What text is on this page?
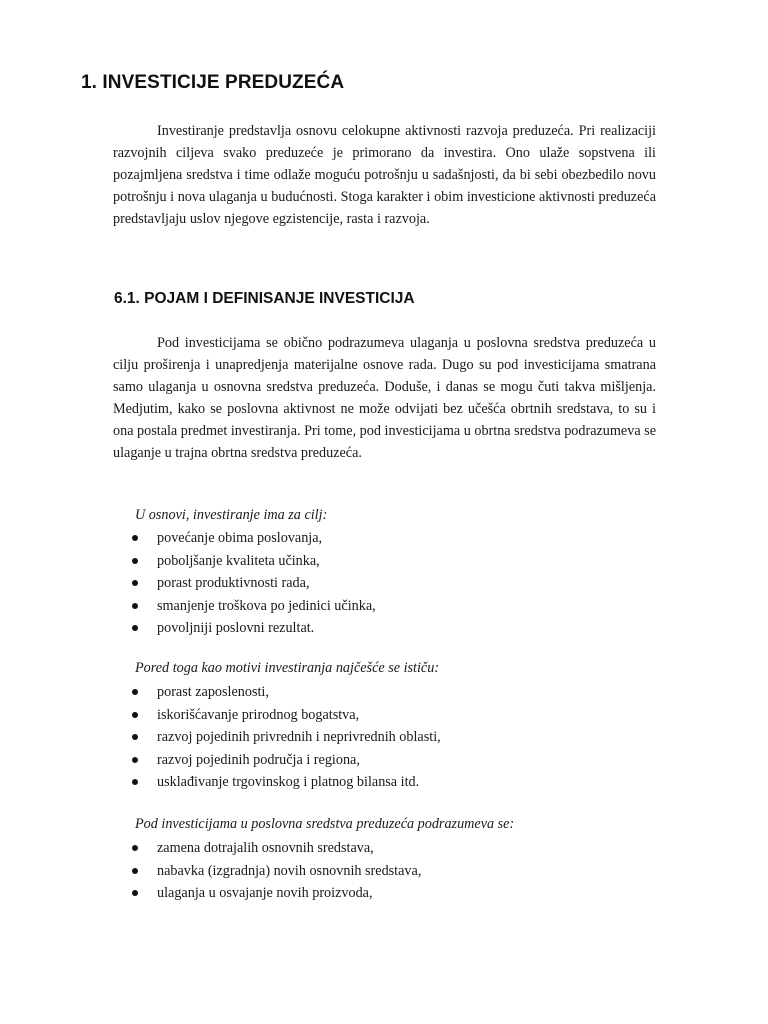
1. INVESTICIJE PREDUZEĆA

Investiranje predstavlja osnovu celokupne aktivnosti razvoja preduzeća. Pri realizaciji razvojnih ciljeva svako preduzeće je primorano da investira. Ono ulaže sopstvena ili pozajmljena sredstva i time odlaže moguću potrošnju u sadašnjosti, da bi sebi obezbedilo novu potrošnju i nova ulaganja u budućnosti. Stoga karakter i obim investicione aktivnosti preduzeća predstavljaju uslov njegove egzistencije, rasta i razvoja.

6.1. POJAM I DEFINISANJE INVESTICIJA

Pod investicijama se obično podrazumeva ulaganja u poslovna sredstva preduzeća u cilju proširenja i unapredjenja materijalne osnove rada. Dugo su pod investicijama smatrana samo ulaganja u osnovna sredstva preduzeća. Doduše, i danas se mogu čuti takva mišljenja. Medjutim, kako se poslovna aktivnost ne može odvijati bez učešća obrtnih sredstava, to su i ona postala predmet investiranja. Pri tome, pod investicijama u obrtna sredstva podrazumeva se ulaganje u trajna obrtna sredstva preduzeća.

U osnovi, investiranje ima za cilj:

povećanje obima poslovanja,
poboljšanje kvaliteta učinka,
porast produktivnosti rada,
smanjenje troškova po jedinici učinka,
povoljniji poslovni rezultat.

Pored toga kao motivi investiranja najčešće se ističu:

porast zaposlenosti,
iskorišćavanje prirodnog bogatstva,
razvoj pojedinih privrednih i neprivrednih oblasti,
razvoj pojedinih područja i regiona,
usklađivanje trgovinskog i platnog bilansa itd.

Pod investicijama u poslovna sredstva preduzeća podrazumeva se:

zamena dotrajalih osnovnih sredstava,
nabavka (izgradnja) novih osnovnih sredstava,
ulaganja u osvajanje novih proizvoda,
